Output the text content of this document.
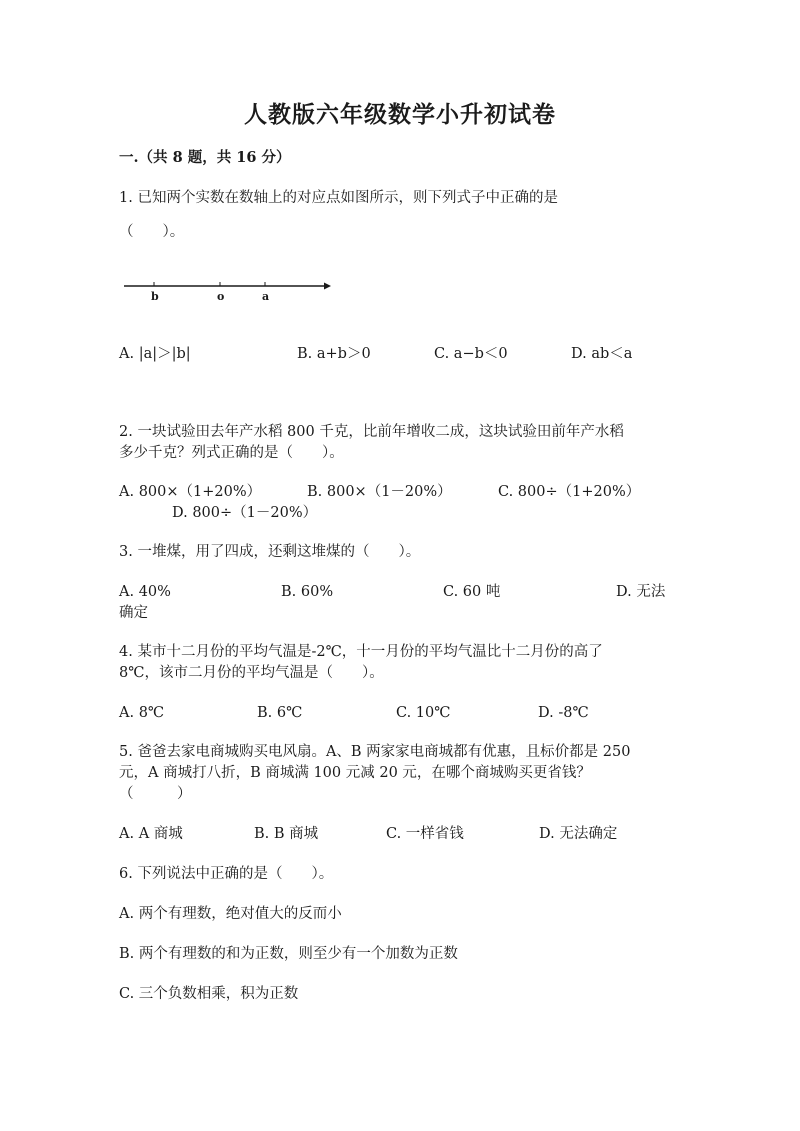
人教版六年级数学小升初试卷
一.（共 8 题，共 16 分）
1. 已知两个实数在数轴上的对应点如图所示，则下列式子中正确的是
（　　）。
b	o	a
A. |a|＞|b|	B. a+b＞0	C. a−b＜0	D. ab＜a
2. 一块试验田去年产水稻 800 千克，比前年增收二成，这块试验田前年产水稻
多少千克？列式正确的是（　　）。
A. 800×（1+20%）	B. 800×（1－20%）	C. 800÷（1+20%）
D. 800÷（1－20%）
3. 一堆煤，用了四成，还剩这堆煤的（　　）。
A. 40%	B. 60%	C. 60 吨	D. 无法
确定
4. 某市十二月份的平均气温是-2℃，十一月份的平均气温比十二月份的高了
8℃，该市二月份的平均气温是（　　）。
A. 8℃	B. 6℃	C. 10℃	D. -8℃
5. 爸爸去家电商城购买电风扇。A、B 两家家电商城都有优惠，且标价都是 250
元，A 商城打八折，B 商城满 100 元减 20 元，在哪个商城购买更省钱？
（　　　）
A. A 商城	B. B 商城	C. 一样省钱	D. 无法确定
6. 下列说法中正确的是（　　）。
A. 两个有理数，绝对值大的反而小
B. 两个有理数的和为正数，则至少有一个加数为正数
C. 三个负数相乘，积为正数
